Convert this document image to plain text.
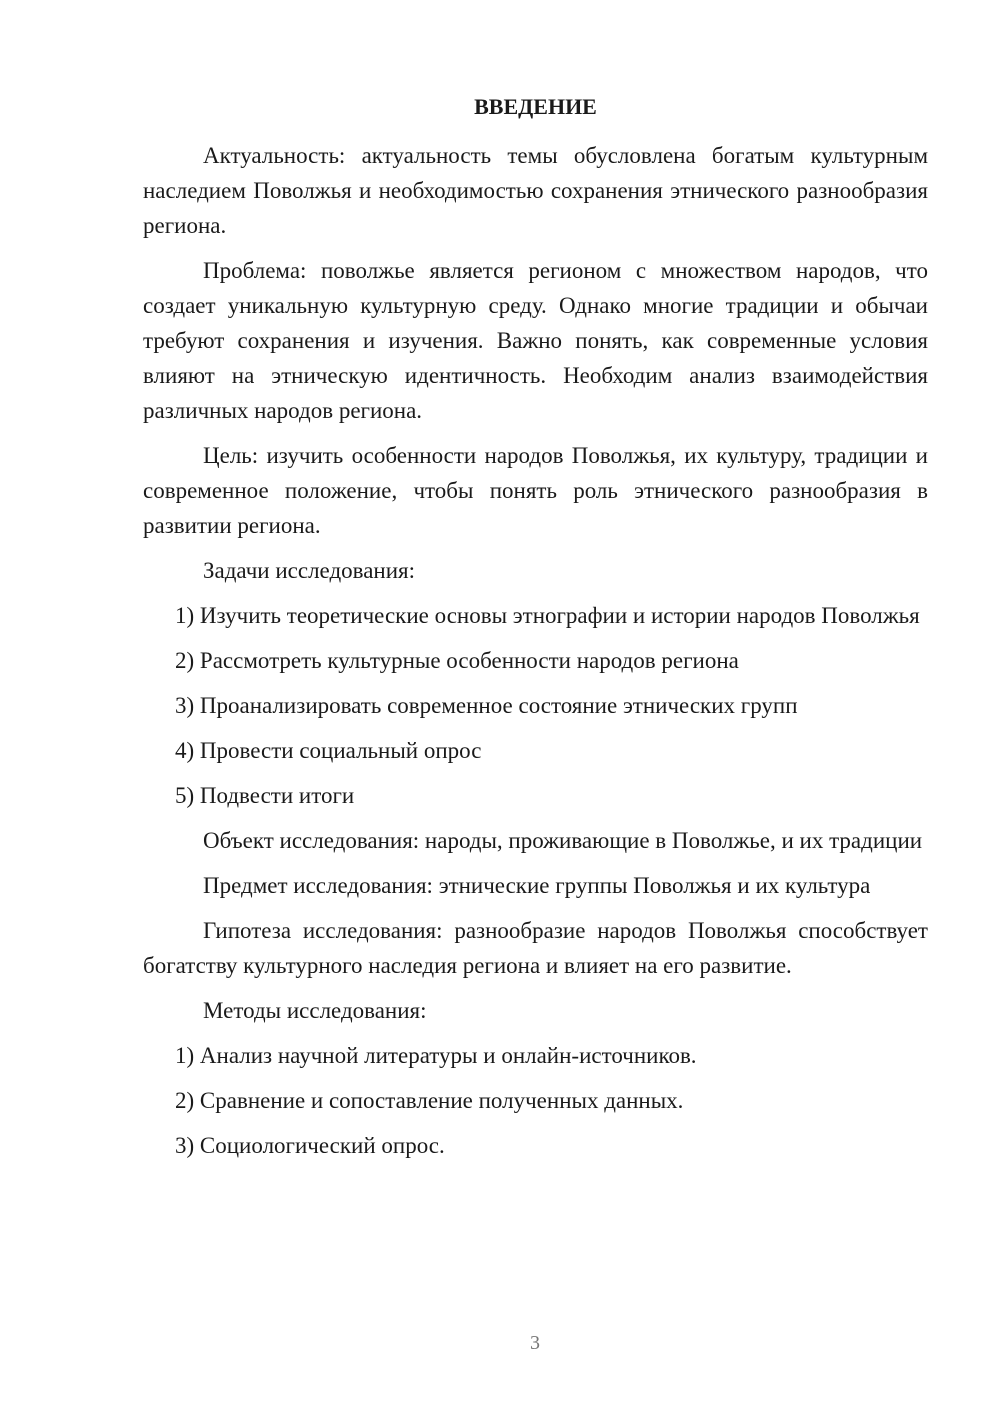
ВВЕДЕНИЕ

Актуальность: актуальность темы обусловлена богатым культурным наследием Поволжья и необходимостью сохранения этнического разнообразия региона.

Проблема: поволжье является регионом с множеством народов, что создает уникальную культурную среду. Однако многие традиции и обычаи требуют сохранения и изучения. Важно понять, как современные условия влияют на этническую идентичность. Необходим анализ взаимодействия различных народов региона.

Цель: изучить особенности народов Поволжья, их культуру, традиции и современное положение, чтобы понять роль этнического разнообразия в развитии региона.

Задачи исследования:

1) Изучить теоретические основы этнографии и истории народов Поволжья

2) Рассмотреть культурные особенности народов региона

3) Проанализировать современное состояние этнических групп

4) Провести социальный опрос

5) Подвести итоги

Объект исследования: народы, проживающие в Поволжье, и их традиции

Предмет исследования: этнические группы Поволжья и их культура

Гипотеза исследования: разнообразие народов Поволжья способствует богатству культурного наследия региона и влияет на его развитие.

Методы исследования:

1) Анализ научной литературы и онлайн-источников.

2) Сравнение и сопоставление полученных данных.

3) Социологический опрос.

3
